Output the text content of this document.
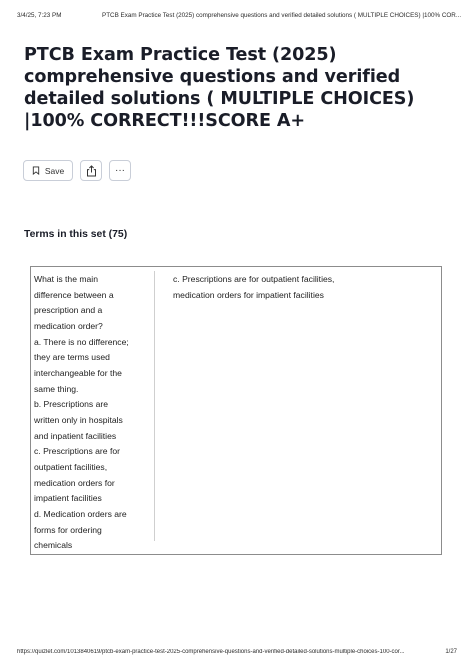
3/4/25, 7:23 PM	PTCB Exam Practice Test (2025) comprehensive questions and verified detailed solutions ( MULTIPLE CHOICES) |100% COR...
PTCB Exam Practice Test (2025) comprehensive questions and verified detailed solutions ( MULTIPLE CHOICES) |100% CORRECT!!!SCORE A+
Save	···
Terms in this set (75)
What is the main
difference between a
prescription and a
medication order?
a. There is no difference;
they are terms used
interchangeable for the
same thing.
b. Prescriptions are
written only in hospitals
and inpatient facilities
c. Prescriptions are for
outpatient facilities,
medication orders for
impatient facilities
d. Medication orders are
forms for ordering
chemicals
c. Prescriptions are for outpatient facilities,
medication orders for impatient facilities
https://quizlet.com/1013840619/ptcb-exam-practice-test-2025-comprehensive-questions-and-verified-detailed-solutions-multiple-choices-100-cor...	1/27
